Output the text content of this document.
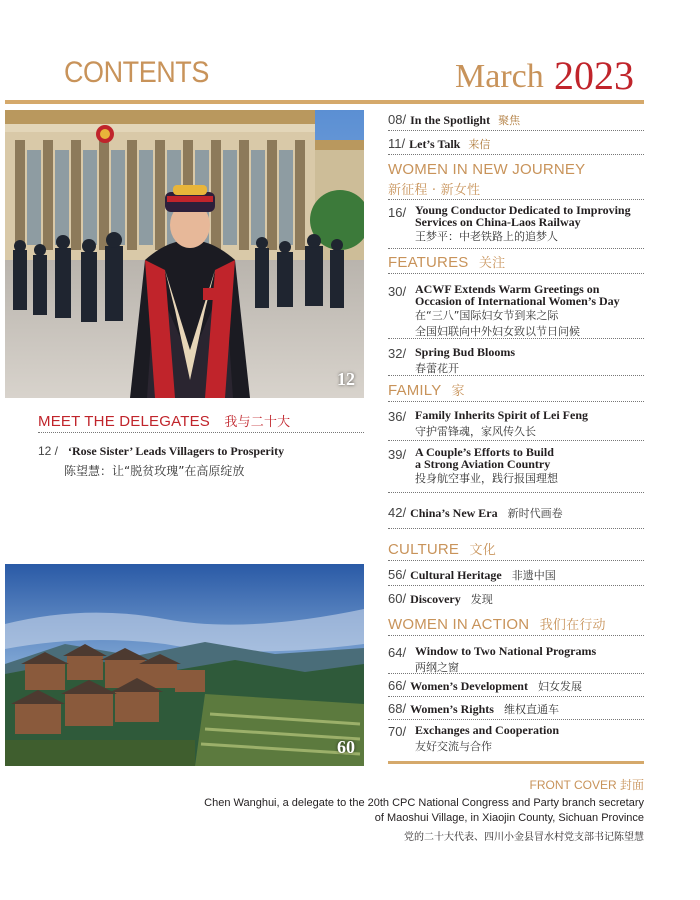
CONTENTS	March 2023
12
MEET THE DELEGATES 我与二十大
12 / ‘Rose Sister’ Leads Villagers to Prosperity
陈望慧：让“脱贫玫瑰”在高原绽放
60
08/ In the Spotlight 聚焦
11/ Let’s Talk 来信
WOMEN IN NEW JOURNEY
新征程 · 新女性
16/ Young Conductor Dedicated to Improving
Services on China-Laos Railway
王梦平：中老铁路上的追梦人
FEATURES 关注
30/ ACWF Extends Warm Greetings on
Occasion of International Women’s Day
在“三八”国际妇女节到来之际
全国妇联向中外妇女致以节日问候
32/ Spring Bud Blooms
春蕾花开
FAMILY 家
36/ Family Inherits Spirit of Lei Feng
守护雷锋魂，家风传久长
39/ A Couple’s Efforts to Build
a Strong Aviation Country
投身航空事业，践行报国理想
42/ China’s New Era 新时代画卷
CULTURE 文化
56/ Cultural Heritage 非遗中国
60/ Discovery 发现
WOMEN IN ACTION 我们在行动
64/ Window to Two National Programs
两纲之窗
66/ Women’s Development 妇女发展
68/ Women’s Rights 维权直通车
70/ Exchanges and Cooperation
友好交流与合作
FRONT COVER 封面
Chen Wanghui, a delegate to the 20th CPC National Congress and Party branch secretary
of Maoshui Village, in Xiaojin County, Sichuan Province
党的二十大代表、四川小金县冒水村党支部书记陈望慧
